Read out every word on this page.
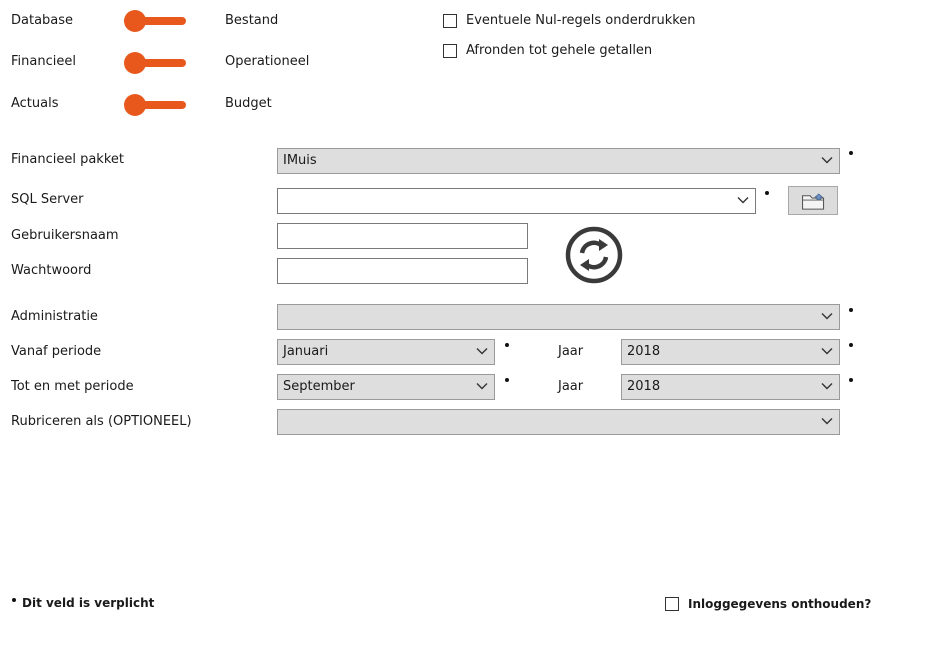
Database	Bestand
Financieel	Operationeel
Actuals	Budget
Eventuele Nul-regels onderdrukken
Afronden tot gehele getallen
Financieel pakket	IMuis
SQL Server
Gebruikersnaam
Wachtwoord
Administratie
Vanaf periode	Januari	Jaar	2018
Tot en met periode	September	Jaar	2018
Rubriceren als (OPTIONEEL)
Dit veld is verplicht	Inloggegevens onthouden?
